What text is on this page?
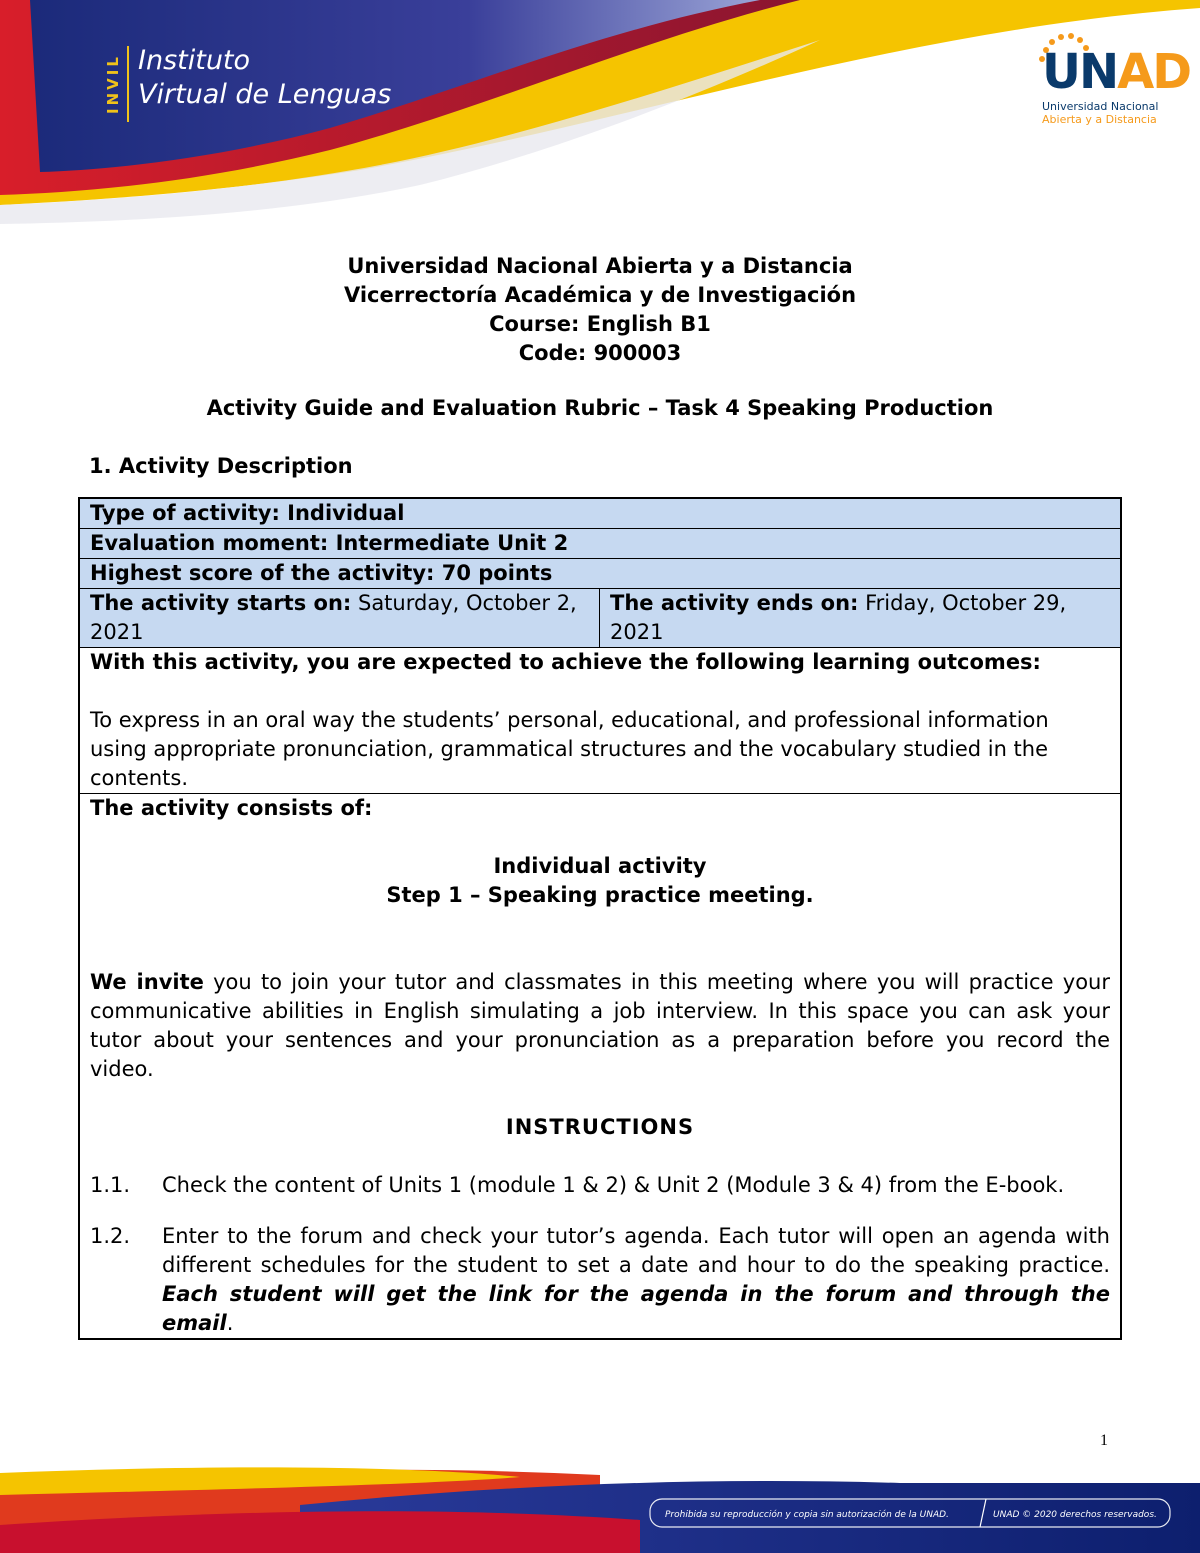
INVIL Instituto
Virtual de Lenguas	UNAD
Universidad Nacional
Abierta y a Distancia
Universidad Nacional Abierta y a Distancia
Vicerrectoría Académica y de Investigación
Course: English B1
Code: 900003
Activity Guide and Evaluation Rubric – Task 4 Speaking Production
1. Activity Description
Type of activity: Individual
Evaluation moment: Intermediate Unit 2
Highest score of the activity: 70 points
The activity starts on: Saturday, October 2, 2021
The activity ends on: Friday, October 29, 2021

With this activity, you are expected to achieve the following learning outcomes:

To express in an oral way the students’ personal, educational, and professional information using appropriate pronunciation, grammatical structures and the vocabulary studied in the contents.

The activity consists of:

Individual activity

Step 1 – Speaking practice meeting.

We invite you to join your tutor and classmates in this meeting where you will practice your communicative abilities in English simulating a job interview. In this space you can ask your tutor about your sentences and your pronunciation as a preparation before you record the video.

INSTRUCTIONS

1.1.	Check the content of Units 1 (module 1 & 2) & Unit 2 (Module 3 & 4) from the E-book.
1.2.	Enter to the forum and check your tutor’s agenda. Each tutor will open an agenda with different schedules for the student to set a date and hour to do the speaking practice. Each student will get the link for the agenda in the forum and through the email.
1
Prohibida su reproducción y copia sin autorización de la UNAD.	UNAD © 2020 derechos reservados.
